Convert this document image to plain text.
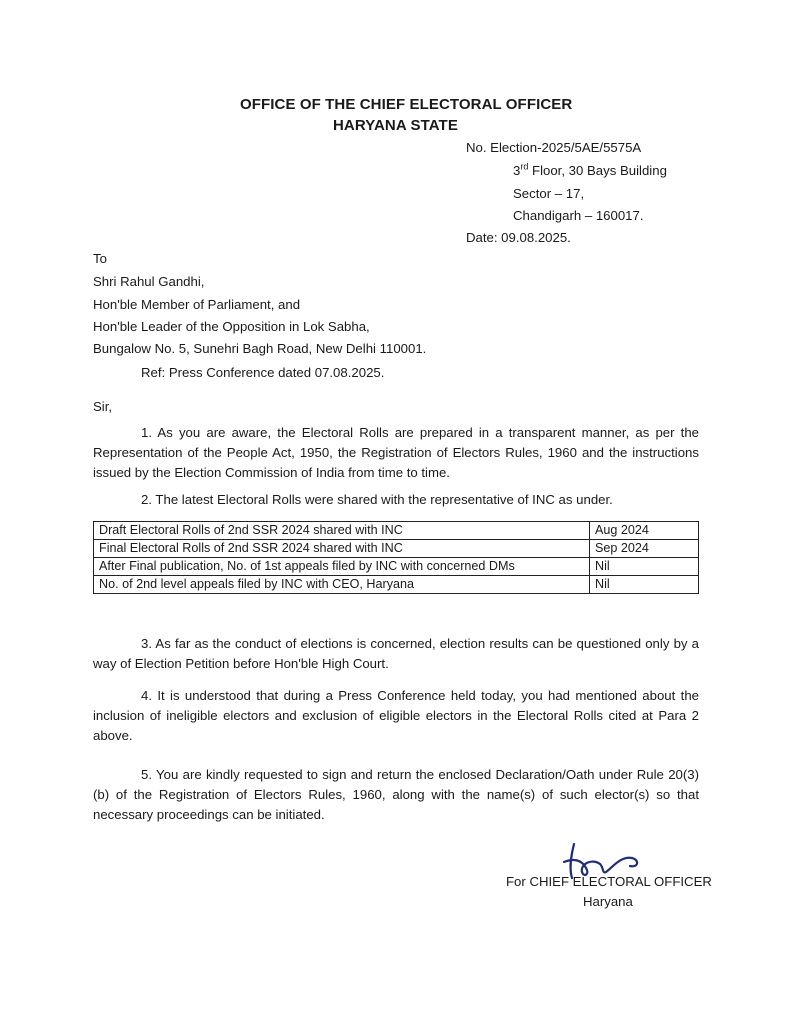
OFFICE OF THE CHIEF ELECTORAL OFFICER
HARYANA STATE
No. Election-2025/5AE/5575A
3rd Floor, 30 Bays Building
Sector – 17,
Chandigarh – 160017.
Date: 09.08.2025.
To
Shri Rahul Gandhi,
Hon'ble Member of Parliament, and
Hon'ble Leader of the Opposition in Lok Sabha,
Bungalow No. 5, Sunehri Bagh Road, New Delhi 110001.
Ref: Press Conference dated 07.08.2025.
Sir,
1. As you are aware, the Electoral Rolls are prepared in a transparent manner, as per the Representation of the People Act, 1950, the Registration of Electors Rules, 1960 and the instructions issued by the Election Commission of India from time to time.
2. The latest Electoral Rolls were shared with the representative of INC as under.
Draft Electoral Rolls of 2nd SSR 2024 shared with INC	Aug 2024
Final Electoral Rolls of 2nd SSR 2024 shared with INC	Sep 2024
After Final publication, No. of 1st appeals filed by INC with concerned DMs	Nil
No. of 2nd level appeals filed by INC with CEO, Haryana	Nil
3. As far as the conduct of elections is concerned, election results can be questioned only by a way of Election Petition before Hon'ble High Court.
4. It is understood that during a Press Conference held today, you had mentioned about the inclusion of ineligible electors and exclusion of eligible electors in the Electoral Rolls cited at Para 2 above.
5. You are kindly requested to sign and return the enclosed Declaration/Oath under Rule 20(3)(b) of the Registration of Electors Rules, 1960, along with the name(s) of such elector(s) so that necessary proceedings can be initiated.
For CHIEF ELECTORAL OFFICER
Haryana
